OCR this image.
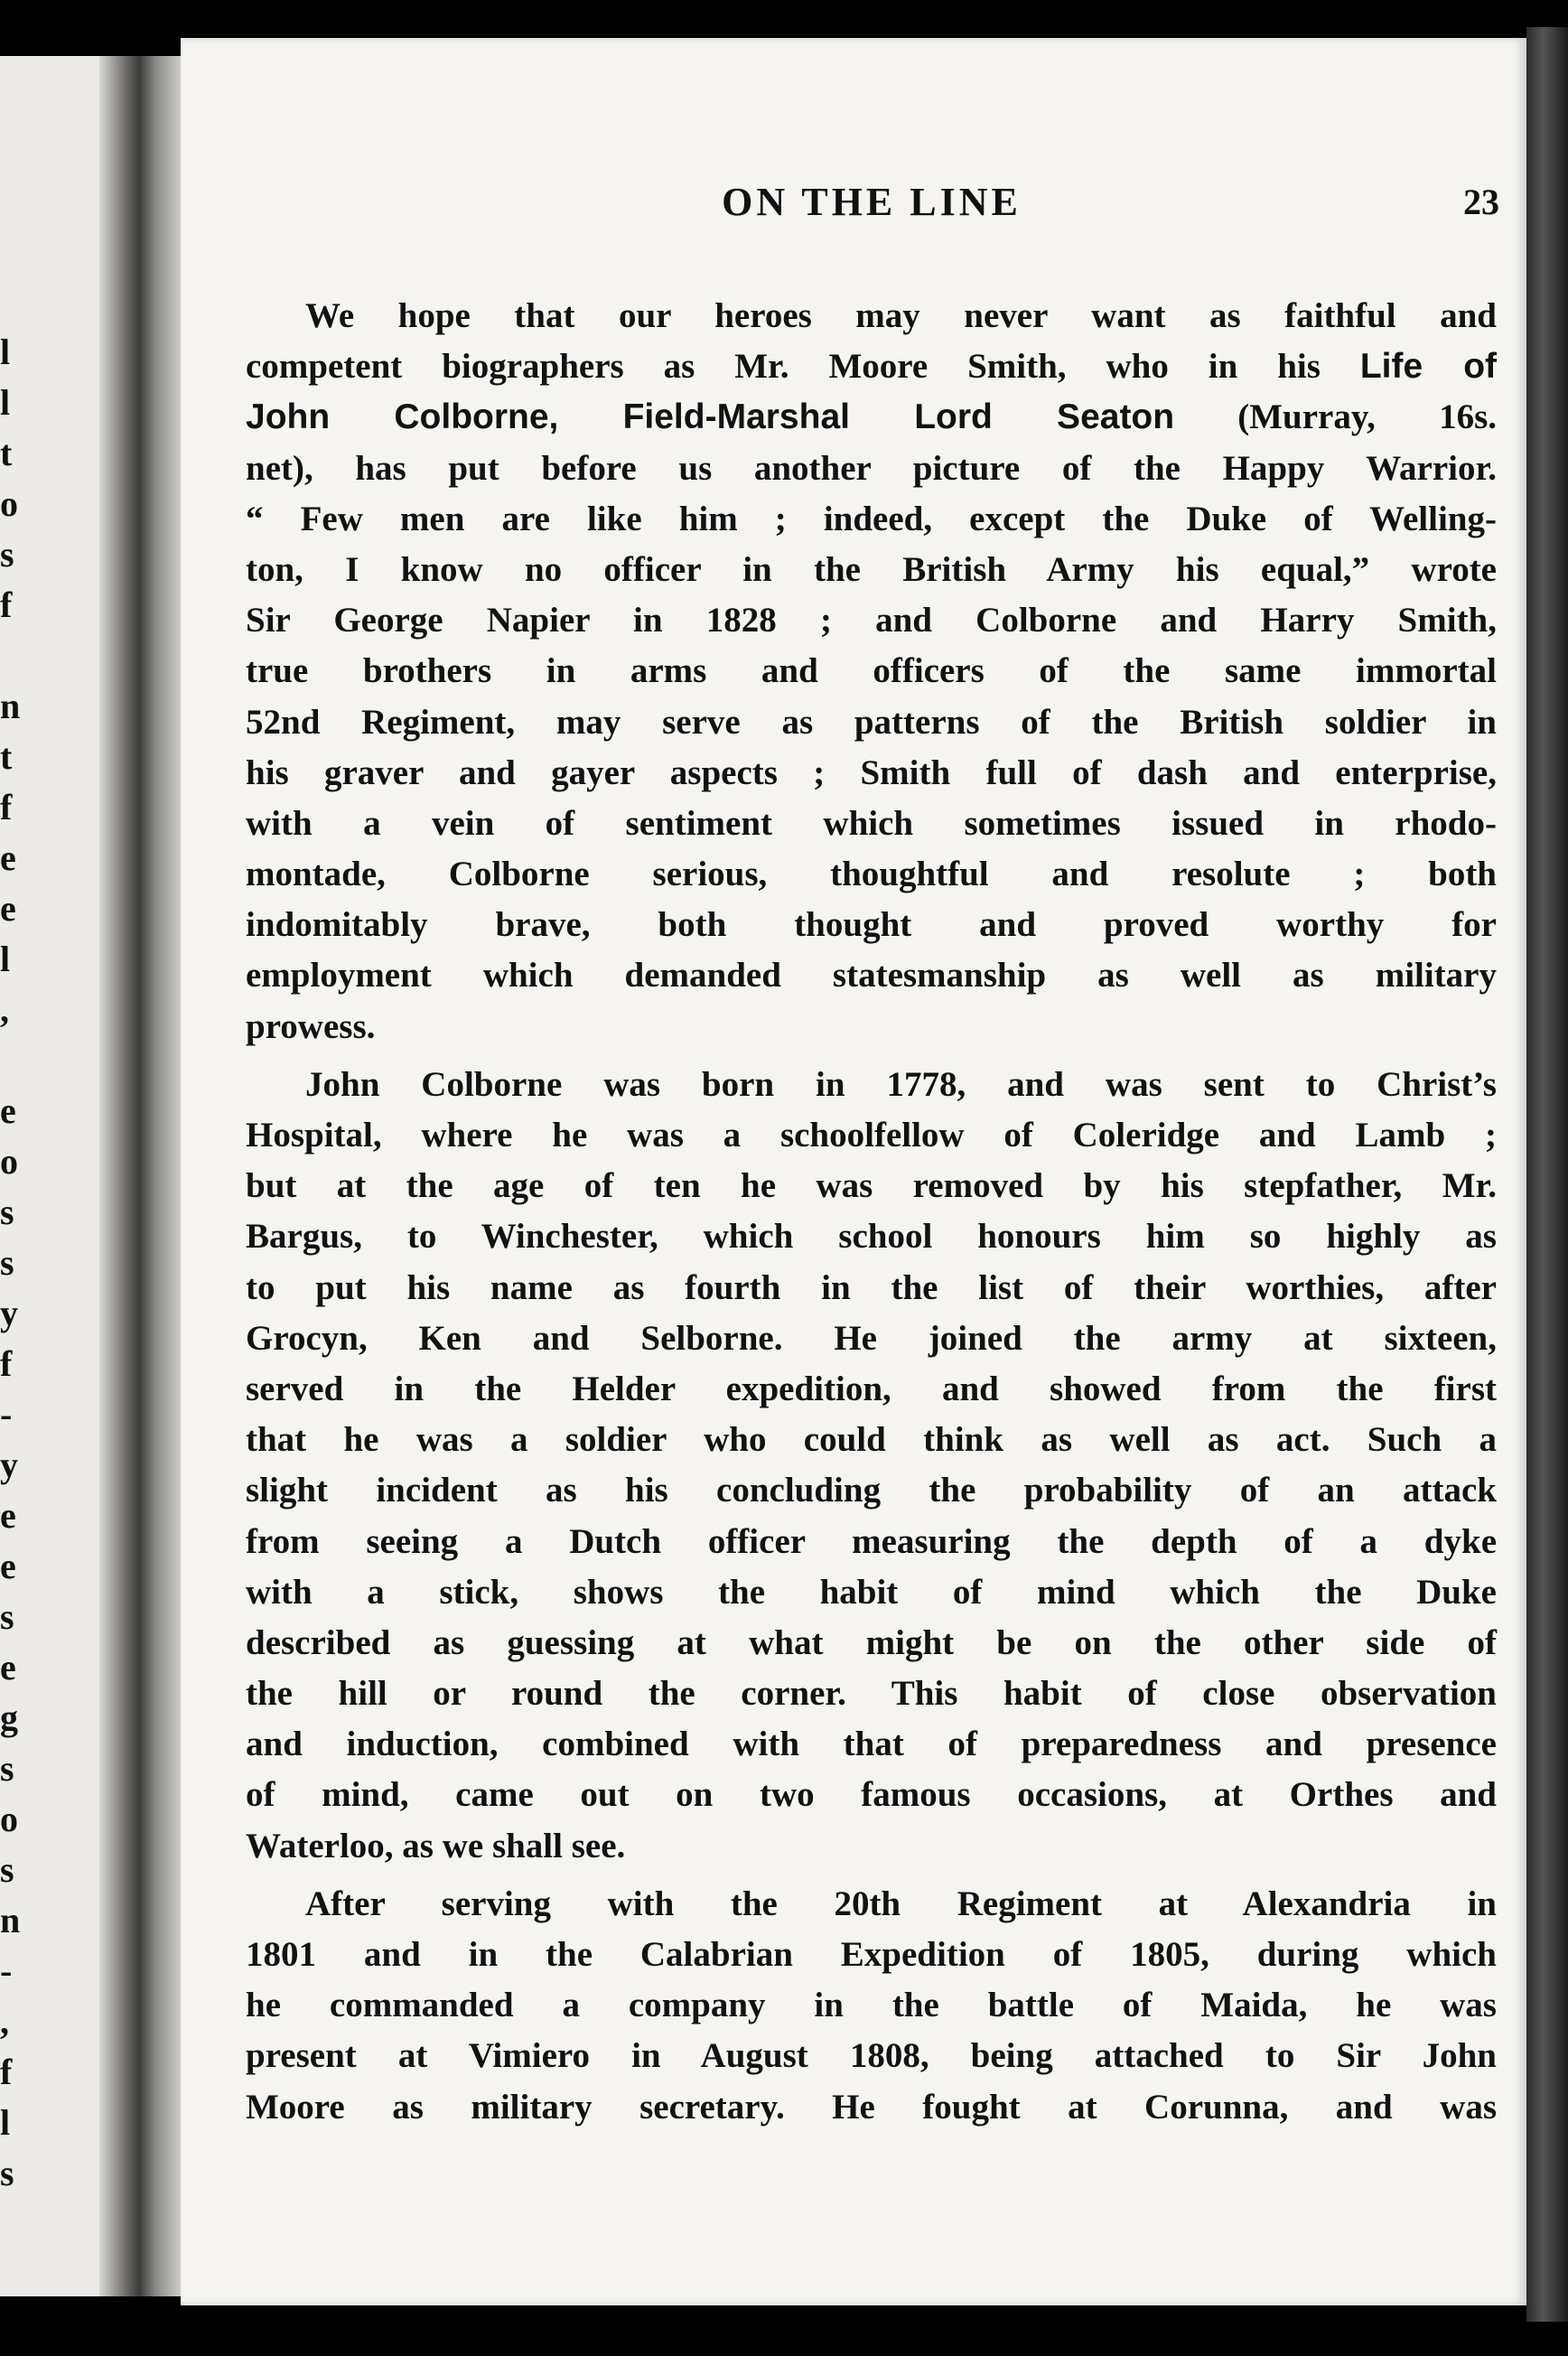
l
l
t
o
s
f
n
t
f
e
e
l
,
e
o
s
s
y
f
-
y
e
e
s
e
g
s
o
s
n
-
,
f
l
s
ON THE LINE	23
We hope that our heroes may never want as faithful and
competent biographers as Mr. Moore Smith, who in his Life of
John Colborne, Field-Marshal Lord Seaton (Murray, 16s.
net), has put before us another picture of the Happy Warrior.
“ Few men are like him ; indeed, except the Duke of Welling-
ton, I know no officer in the British Army his equal,” wrote
Sir George Napier in 1828 ; and Colborne and Harry Smith,
true brothers in arms and officers of the same immortal
52nd Regiment, may serve as patterns of the British soldier in
his graver and gayer aspects ; Smith full of dash and enterprise,
with a vein of sentiment which sometimes issued in rhodo-
montade, Colborne serious, thoughtful and resolute ; both
indomitably brave, both thought and proved worthy for
employment which demanded statesmanship as well as military
prowess.
John Colborne was born in 1778, and was sent to Christ’s
Hospital, where he was a schoolfellow of Coleridge and Lamb ;
but at the age of ten he was removed by his stepfather, Mr.
Bargus, to Winchester, which school honours him so highly as
to put his name as fourth in the list of their worthies, after
Grocyn, Ken and Selborne. He joined the army at sixteen,
served in the Helder expedition, and showed from the first
that he was a soldier who could think as well as act. Such a
slight incident as his concluding the probability of an attack
from seeing a Dutch officer measuring the depth of a dyke
with a stick, shows the habit of mind which the Duke
described as guessing at what might be on the other side of
the hill or round the corner. This habit of close observation
and induction, combined with that of preparedness and presence
of mind, came out on two famous occasions, at Orthes and
Waterloo, as we shall see.
After serving with the 20th Regiment at Alexandria in
1801 and in the Calabrian Expedition of 1805, during which
he commanded a company in the battle of Maida, he was
present at Vimiero in August 1808, being attached to Sir John
Moore as military secretary. He fought at Corunna, and was
